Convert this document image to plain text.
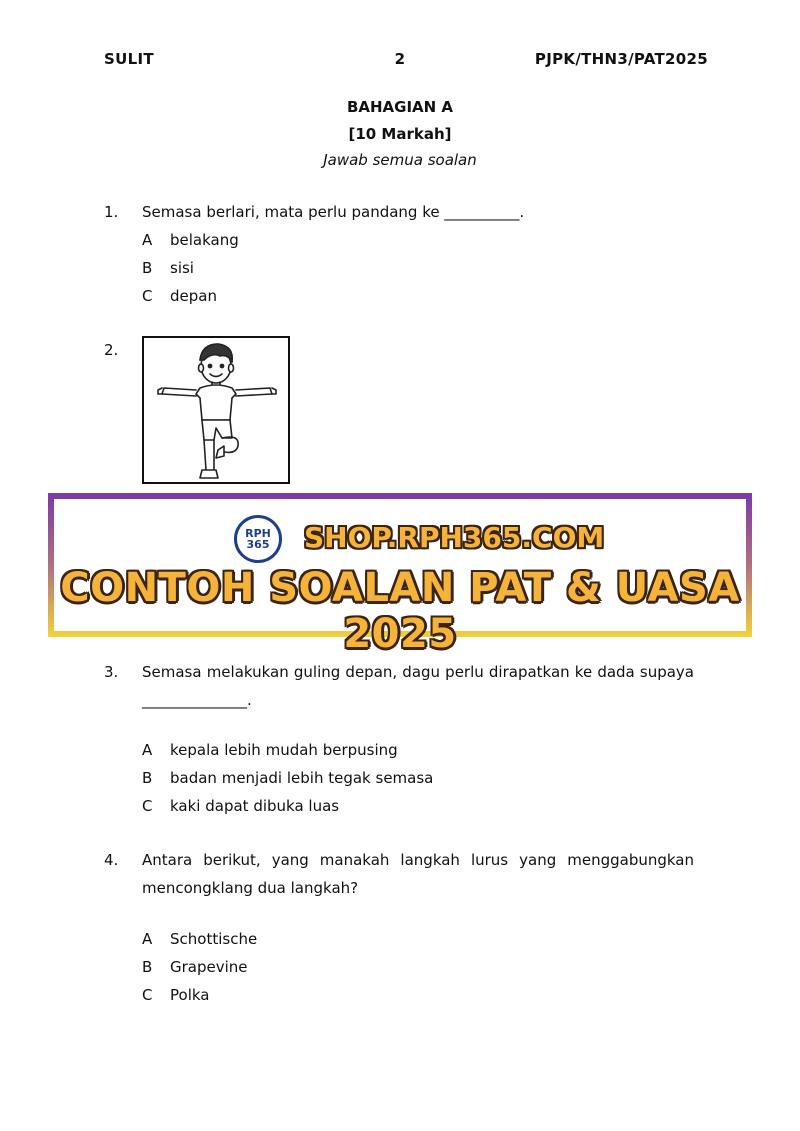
SULIT	2	PJPK/THN3/PAT2025
BAHAGIAN A
[10 Markah]
Jawab semua soalan
1. Semasa berlari, mata perlu pandang ke __________.
A	belakang
B	sisi
C	depan
2.
RPH 365	SHOP.RPH365.COM
CONTOH SOALAN PAT & UASA 2025
3. Semasa melakukan guling depan, dagu perlu dirapatkan ke dada supaya ______________.
A	kepala lebih mudah berpusing
B	badan menjadi lebih tegak semasa
C	kaki dapat dibuka luas
4. Antara berikut, yang manakah langkah lurus yang menggabungkan mencongklang dua langkah?
A	Schottische
B	Grapevine
C	Polka
